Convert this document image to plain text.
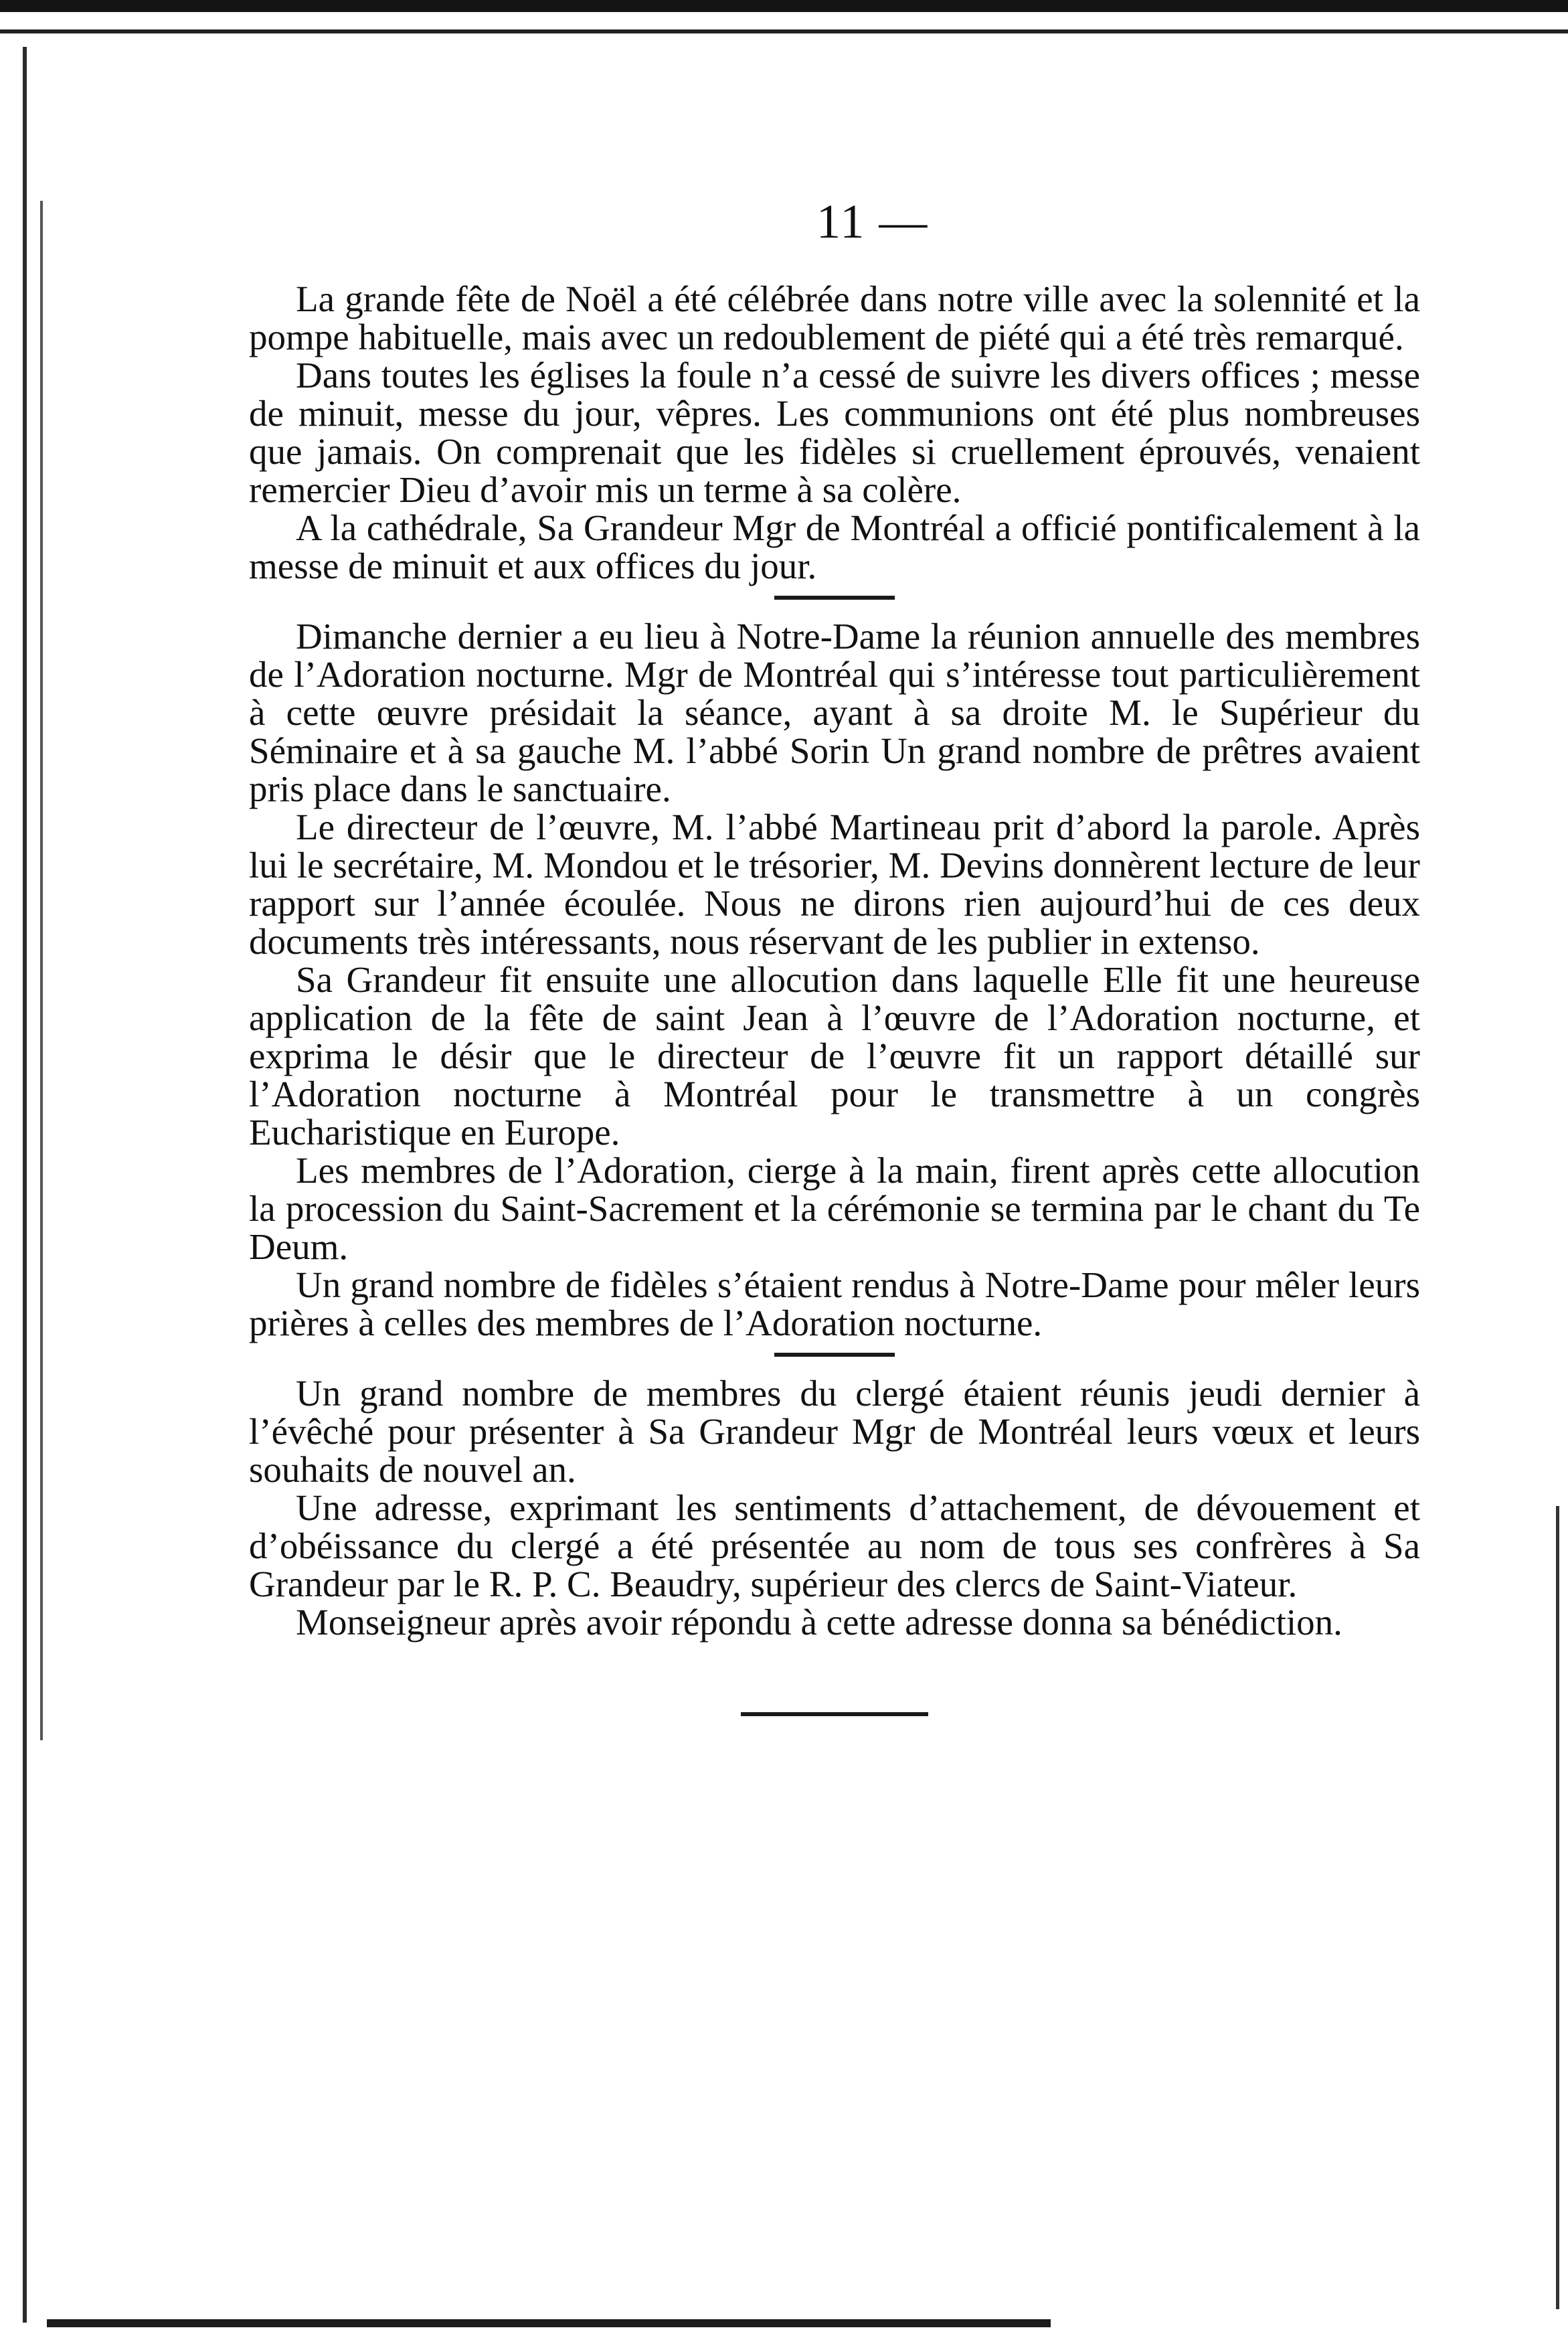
11 —

La grande fête de Noël a été célébrée dans notre ville avec la solennité et la pompe habituelle, mais avec un redoublement de piété qui a été très remarqué.

Dans toutes les églises la foule n’a cessé de suivre les divers offices ; messe de minuit, messe du jour, vêpres. Les communions ont été plus nombreuses que jamais. On comprenait que les fidèles si cruellement éprouvés, venaient remercier Dieu d’avoir mis un terme à sa colère.

A la cathédrale, Sa Grandeur Mgr de Montréal a officié pontificalement à la messe de minuit et aux offices du jour.

Dimanche dernier a eu lieu à Notre-Dame la réunion annuelle des membres de l’Adoration nocturne. Mgr de Montréal qui s’intéresse tout particulièrement à cette œuvre présidait la séance, ayant à sa droite M. le Supérieur du Séminaire et à sa gauche M. l’abbé Sorin Un grand nombre de prêtres avaient pris place dans le sanctuaire.

Le directeur de l’œuvre, M. l’abbé Martineau prit d’abord la parole. Après lui le secrétaire, M. Mondou et le trésorier, M. Devins donnèrent lecture de leur rapport sur l’année écoulée. Nous ne dirons rien aujourd’hui de ces deux documents très intéressants, nous réservant de les publier in extenso.

Sa Grandeur fit ensuite une allocution dans laquelle Elle fit une heureuse application de la fête de saint Jean à l’œuvre de l’Adoration nocturne, et exprima le désir que le directeur de l’œuvre fit un rapport détaillé sur l’Adoration nocturne à Montréal pour le transmettre à un congrès Eucharistique en Europe.

Les membres de l’Adoration, cierge à la main, firent après cette allocution la procession du Saint-Sacrement et la cérémonie se termina par le chant du Te Deum.

Un grand nombre de fidèles s’étaient rendus à Notre-Dame pour mêler leurs prières à celles des membres de l’Adoration nocturne.

Un grand nombre de membres du clergé étaient réunis jeudi dernier à l’évêché pour présenter à Sa Grandeur Mgr de Montréal leurs vœux et leurs souhaits de nouvel an.

Une adresse, exprimant les sentiments d’attachement, de dévouement et d’obéissance du clergé a été présentée au nom de tous ses confrères à Sa Grandeur par le R. P. C. Beaudry, supérieur des clercs de Saint-Viateur.

Monseigneur après avoir répondu à cette adresse donna sa bénédiction.
